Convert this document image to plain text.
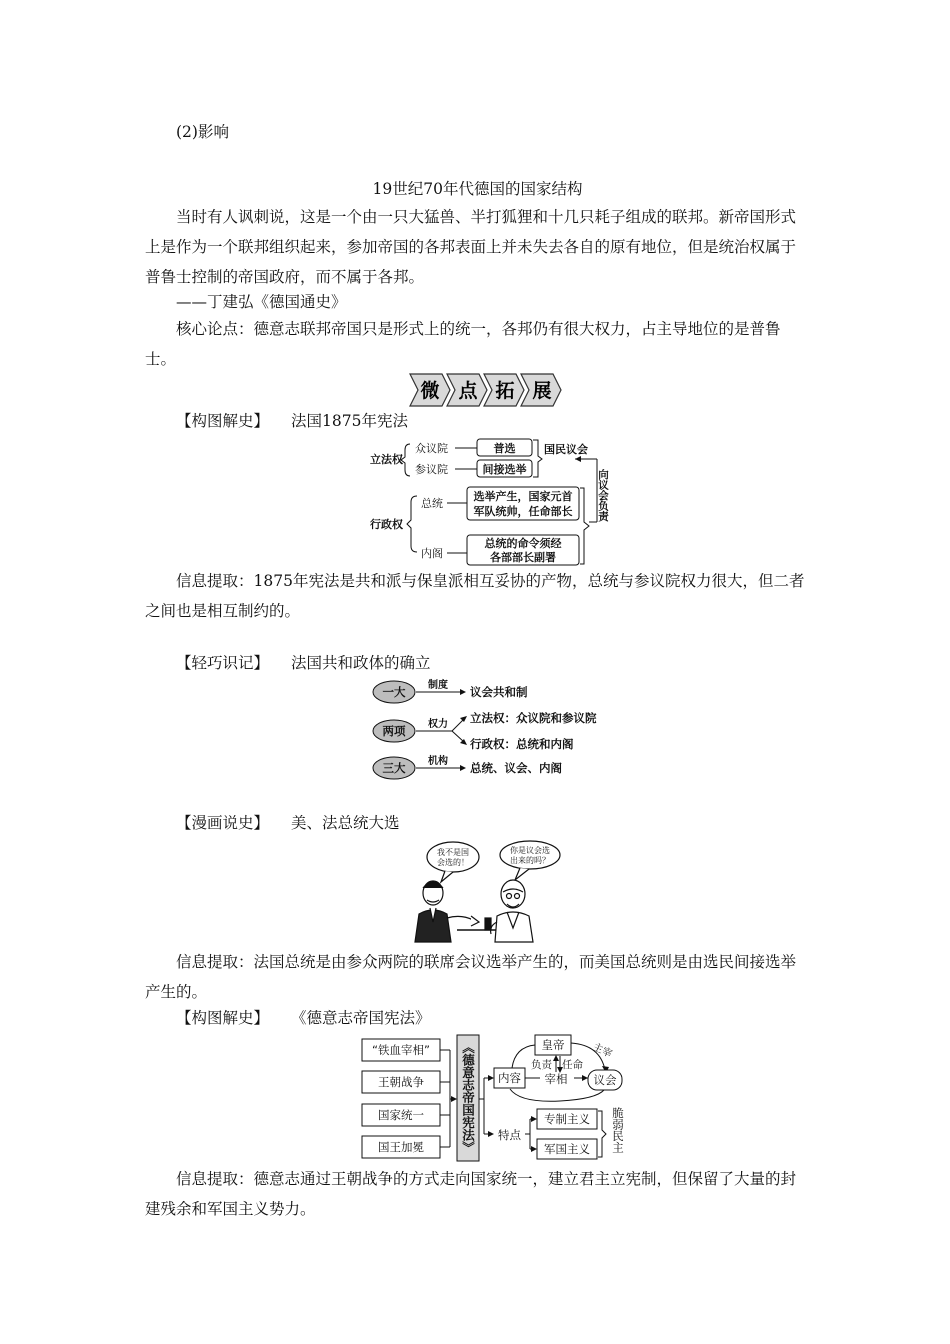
(2)影响
19世纪70年代德国的国家结构
当时有人讽刺说，这是一个由一只大猛兽、半打狐狸和十几只耗子组成的联邦。新帝国形式上是作为一个联邦组织起来，参加帝国的各邦表面上并未失去各自的原有地位，但是统治权属于普鲁士控制的帝国政府，而不属于各邦。
——丁建弘《德国通史》
核心论点：德意志联邦帝国只是形式上的统一，各邦仍有很大权力，占主导地位的是普鲁士。
微 点 拓 展
【构图解史】 法国1875年宪法
立法权
众议院
参议院
普选
间接选举
国民议会
向议会负责
行政权
总统
内阁
选举产生，国家元首
军队统帅，任命部长
总统的命令须经
各部部长副署
信息提取：1875年宪法是共和派与保皇派相互妥协的产物，总统与参议院权力很大，但二者之间也是相互制约的。
【轻巧识记】 法国共和政体的确立
一大 制度 议会共和制
两项 权力 立法权：众议院和参议院
行政权：总统和内阁
三大 机构 总统、议会、内阁
【漫画说史】 美、法总统大选
我不是国
会选的！
你是议会选
出来的吗？
信息提取：法国总统是由参众两院的联席会议选举产生的，而美国总统则是由选民间接选举产生的。
【构图解史】 《德意志帝国宪法》
“铁血宰相”
王朝战争
国家统一
国王加冕	《德意志帝国宪法》 内容
特点
皇帝	主宰
负责 任命
宰相 议会
专制主义
军国主义 脆弱民主
信息提取：德意志通过王朝战争的方式走向国家统一，建立君主立宪制，但保留了大量的封建残余和军国主义势力。
